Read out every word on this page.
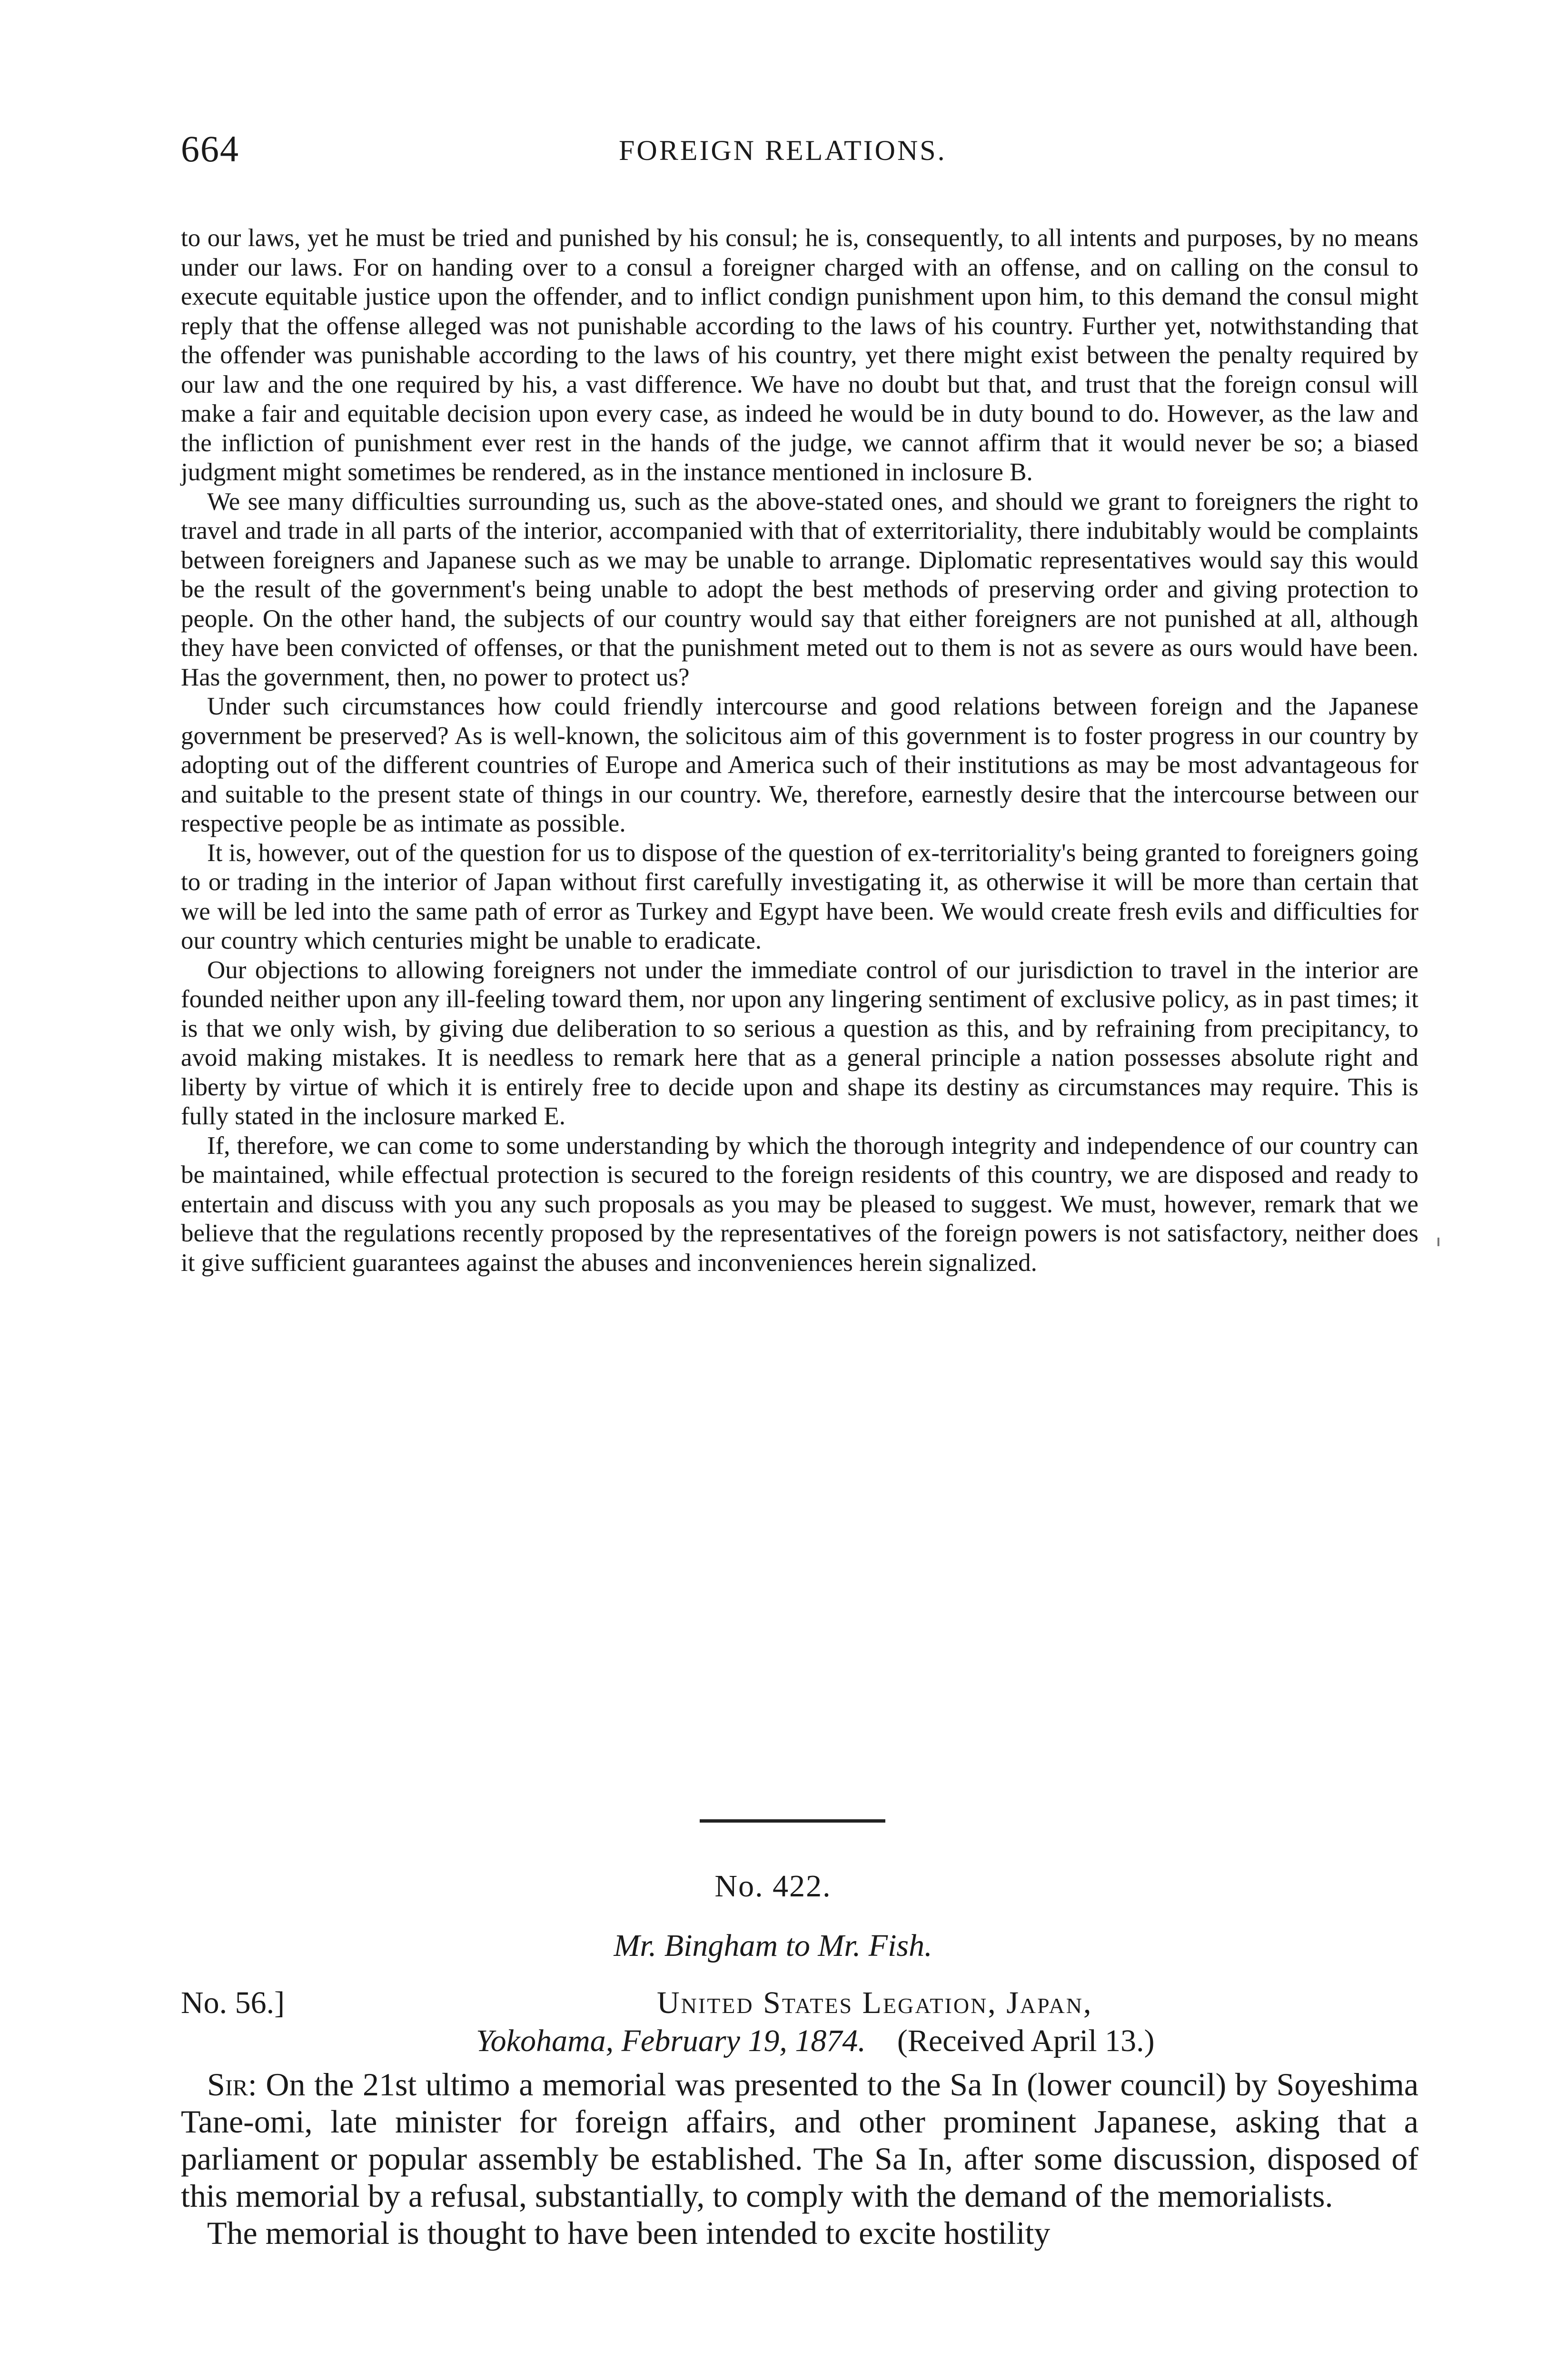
664	FOREIGN RELATIONS.

to our laws, yet he must be tried and punished by his consul; he is, consequently, to all intents and purposes, by no means under our laws. For on handing over to a consul a foreigner charged with an offense, and on calling on the consul to execute equitable justice upon the offender, and to inflict condign punishment upon him, to this demand the consul might reply that the offense alleged was not punishable according to the laws of his country. Further yet, notwithstanding that the offender was punishable according to the laws of his country, yet there might exist between the penalty required by our law and the one required by his, a vast difference. We have no doubt but that, and trust that the foreign consul will make a fair and equitable decision upon every case, as indeed he would be in duty bound to do. However, as the law and the infliction of punishment ever rest in the hands of the judge, we cannot affirm that it would never be so; a biased judgment might sometimes be rendered, as in the instance mentioned in inclosure B.

We see many difficulties surrounding us, such as the above-stated ones, and should we grant to foreigners the right to travel and trade in all parts of the interior, accompanied with that of exterritoriality, there indubitably would be complaints between foreigners and Japanese such as we may be unable to arrange. Diplomatic representatives would say this would be the result of the government's being unable to adopt the best methods of preserving order and giving protection to people. On the other hand, the subjects of our country would say that either foreigners are not punished at all, although they have been convicted of offenses, or that the punishment meted out to them is not as severe as ours would have been. Has the government, then, no power to protect us?

Under such circumstances how could friendly intercourse and good relations between foreign and the Japanese government be preserved? As is well-known, the solicitous aim of this government is to foster progress in our country by adopting out of the different countries of Europe and America such of their institutions as may be most advantageous for and suitable to the present state of things in our country. We, therefore, earnestly desire that the intercourse between our respective people be as intimate as possible.

It is, however, out of the question for us to dispose of the question of ex-territoriality's being granted to foreigners going to or trading in the interior of Japan without first carefully investigating it, as otherwise it will be more than certain that we will be led into the same path of error as Turkey and Egypt have been. We would create fresh evils and difficulties for our country which centuries might be unable to eradicate.

Our objections to allowing foreigners not under the immediate control of our jurisdiction to travel in the interior are founded neither upon any ill-feeling toward them, nor upon any lingering sentiment of exclusive policy, as in past times; it is that we only wish, by giving due deliberation to so serious a question as this, and by refraining from precipitancy, to avoid making mistakes. It is needless to remark here that as a general principle a nation possesses absolute right and liberty by virtue of which it is entirely free to decide upon and shape its destiny as circumstances may require. This is fully stated in the inclosure marked E.

If, therefore, we can come to some understanding by which the thorough integrity and independence of our country can be maintained, while effectual protection is secured to the foreign residents of this country, we are disposed and ready to entertain and discuss with you any such proposals as you may be pleased to suggest. We must, however, remark that we believe that the regulations recently proposed by the representatives of the foreign powers is not satisfactory, neither does it give sufficient guarantees against the abuses and inconveniences herein signalized.

No. 422.
Mr. Bingham to Mr. Fish.
No. 56.]	United States Legation, Japan,
Yokohama, February 19, 1874. (Received April 13.)

Sir: On the 21st ultimo a memorial was presented to the Sa In (lower council) by Soyeshima Tane-omi, late minister for foreign affairs, and other prominent Japanese, asking that a parliament or popular assembly be established. The Sa In, after some discussion, disposed of this memorial by a refusal, substantially, to comply with the demand of the memorialists.

The memorial is thought to have been intended to excite hostility
